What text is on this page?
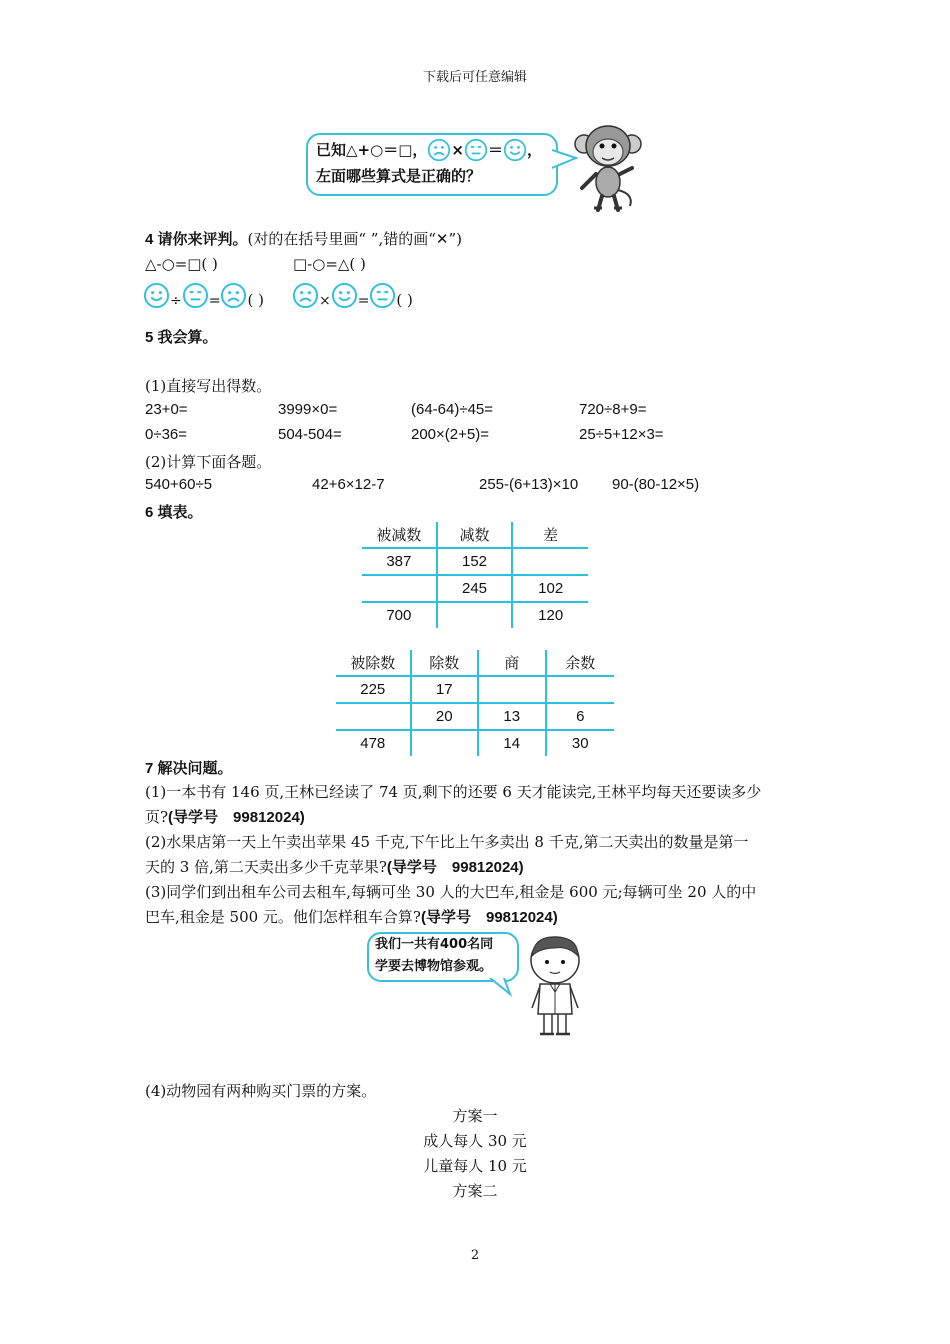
下载后可任意编辑
已知△+○＝□， × ＝ ，
左面哪些算式是正确的？
4 请你来评判。(对的在括号里画“ ”,错的画“✕”)
△-○=□( )	□-○=△( )
÷ = ( )	× = ( )
5 我会算。
(1)直接写出得数。
23+0=	3999×0=	(64-64)÷45=	720÷8+9=
0÷36=	504-504=	200×(2+5)=	25÷5+12×3=
(2)计算下面各题。
540+60÷5	42+6×12-7	255-(6+13)×10 90-(80-12×5)
6 填表。
被减数	减数	差
387	152	
	245	102
700		120
被除数	除数	商	余数
225	17		
	20	13	6
478		14	30
7 解决问题。
(1)一本书有 146 页,王林已经读了 74 页,剩下的还要 6 天才能读完,王林平均每天还要读多少
页?(导学号　99812024)
(2)水果店第一天上午卖出苹果 45 千克,下午比上午多卖出 8 千克,第二天卖出的数量是第一
天的 3 倍,第二天卖出多少千克苹果?(导学号　99812024)
(3)同学们到出租车公司去租车,每辆可坐 30 人的大巴车,租金是 600 元;每辆可坐 20 人的中
巴车,租金是 500 元。他们怎样租车合算?(导学号　99812024)
我们一共有400名同
学要去博物馆参观。
(4)动物园有两种购买门票的方案。
方案一
成人每人 30 元
儿童每人 10 元
方案二
2
